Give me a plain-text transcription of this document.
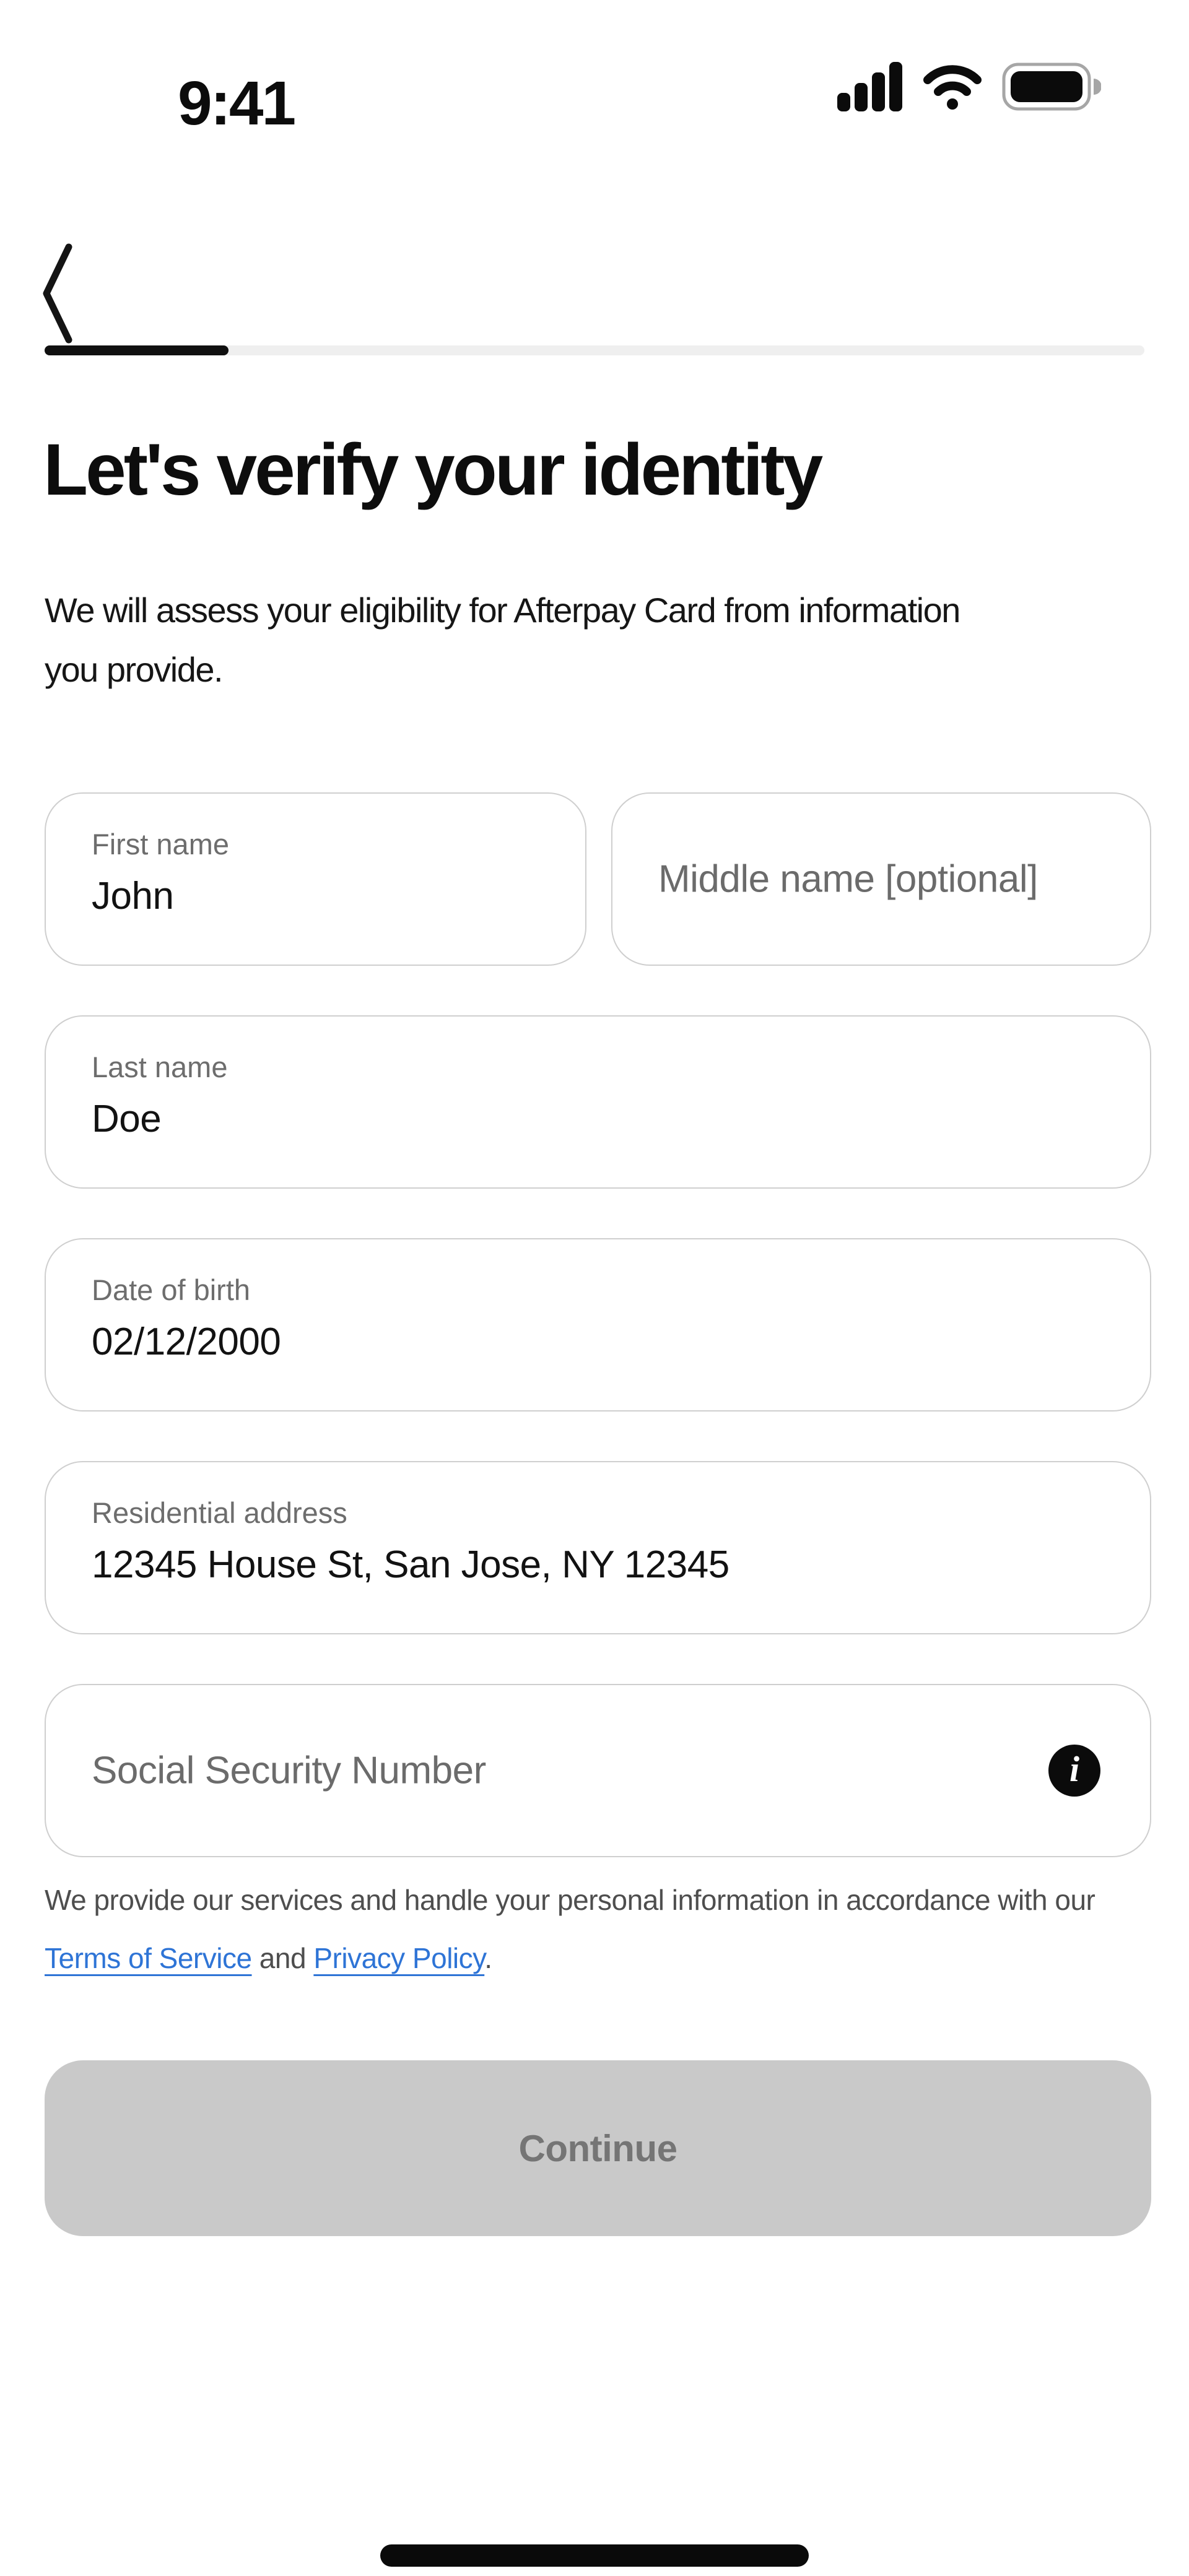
9:41
Let's verify your identity

We will assess your eligibility for Afterpay Card from information
you provide.

First name
John
Middle name [optional]
Last name
Doe
Date of birth
02/12/2000
Residential address
12345 House St, San Jose, NY 12345
Social Security Number
i

We provide our services and handle your personal information in accordance with our Terms of Service and Privacy Policy.

Continue
